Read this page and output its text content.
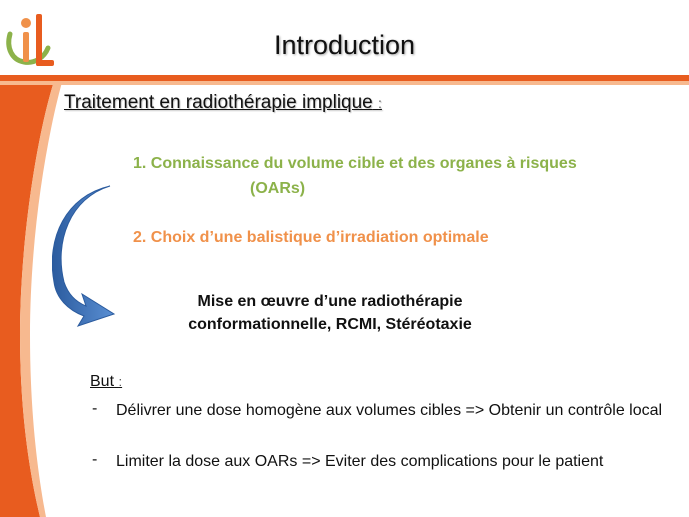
Introduction
Traitement en radiothérapie implique :
1. Connaissance du volume cible et des organes à risques
(OARs)
2. Choix d’une balistique d’irradiation optimale
Mise en œuvre d’une radiothérapie
conformationnelle, RCMI, Stéréotaxie
But :
- Délivrer une dose homogène aux volumes cibles => Obtenir un contrôle local
- Limiter la dose aux OARs => Eviter des complications pour le patient
